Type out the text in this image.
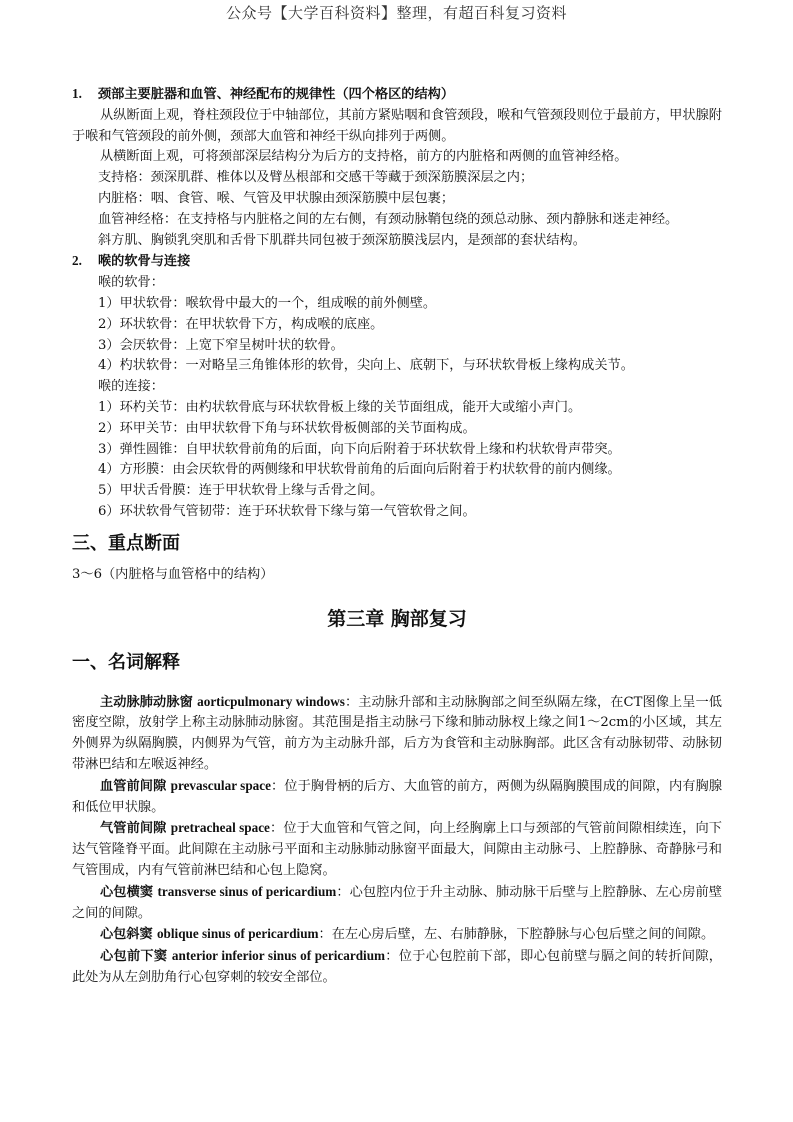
公众号【大学百科资料】整理，有超百科复习资料
1. 颈部主要脏器和血管、神经配布的规律性（四个格区的结构）
从纵断面上观，脊柱颈段位于中轴部位，其前方紧贴咽和食管颈段，喉和气管颈段则位于最前方，甲状腺附于喉和气管颈段的前外侧，颈部大血管和神经干纵向排列于两侧。
从横断面上观，可将颈部深层结构分为后方的支持格，前方的内脏格和两侧的血管神经格。
支持格：颈深肌群、椎体以及臂丛根部和交感干等藏于颈深筋膜深层之内；
内脏格：咽、食管、喉、气管及甲状腺由颈深筋膜中层包裹；
血管神经格：在支持格与内脏格之间的左右侧，有颈动脉鞘包绕的颈总动脉、颈内静脉和迷走神经。
斜方肌、胸锁乳突肌和舌骨下肌群共同包被于颈深筋膜浅层内，是颈部的套状结构。
2. 喉的软骨与连接
喉的软骨：
1）甲状软骨：喉软骨中最大的一个，组成喉的前外侧壁。
2）环状软骨：在甲状软骨下方，构成喉的底座。
3）会厌软骨：上宽下窄呈树叶状的软骨。
4）杓状软骨：一对略呈三角锥体形的软骨，尖向上、底朝下，与环状软骨板上缘构成关节。
喉的连接：
1）环杓关节：由杓状软骨底与环状软骨板上缘的关节面组成，能开大或缩小声门。
2）环甲关节：由甲状软骨下角与环状软骨板侧部的关节面构成。
3）弹性圆锥：自甲状软骨前角的后面，向下向后附着于环状软骨上缘和杓状软骨声带突。
4）方形膜：由会厌软骨的两侧缘和甲状软骨前角的后面向后附着于杓状软骨的前内侧缘。
5）甲状舌骨膜：连于甲状软骨上缘与舌骨之间。
6）环状软骨气管韧带：连于环状软骨下缘与第一气管软骨之间。
三、重点断面
3～6（内脏格与血管格中的结构）
第三章 胸部复习
一、名词解释
主动脉肺动脉窗 aorticpulmonary windows：主动脉升部和主动脉胸部之间至纵隔左缘，在CT图像上呈一低密度空隙，放射学上称主动脉肺动脉窗。其范围是指主动脉弓下缘和肺动脉杈上缘之间1～2cm的小区域，其左外侧界为纵隔胸膜，内侧界为气管，前方为主动脉升部，后方为食管和主动脉胸部。此区含有动脉韧带、动脉韧带淋巴结和左喉返神经。
血管前间隙 prevascular space：位于胸骨柄的后方、大血管的前方，两侧为纵隔胸膜围成的间隙，内有胸腺和低位甲状腺。
气管前间隙 pretracheal space：位于大血管和气管之间，向上经胸廓上口与颈部的气管前间隙相续连，向下达气管隆脊平面。此间隙在主动脉弓平面和主动脉肺动脉窗平面最大，间隙由主动脉弓、上腔静脉、奇静脉弓和气管围成，内有气管前淋巴结和心包上隐窝。
心包横窦 transverse sinus of pericardium：心包腔内位于升主动脉、肺动脉干后壁与上腔静脉、左心房前壁之间的间隙。
心包斜窦 oblique sinus of pericardium：在左心房后壁，左、右肺静脉，下腔静脉与心包后壁之间的间隙。
心包前下窦 anterior inferior sinus of pericardium：位于心包腔前下部，即心包前壁与膈之间的转折间隙，此处为从左剑肋角行心包穿刺的较安全部位。
